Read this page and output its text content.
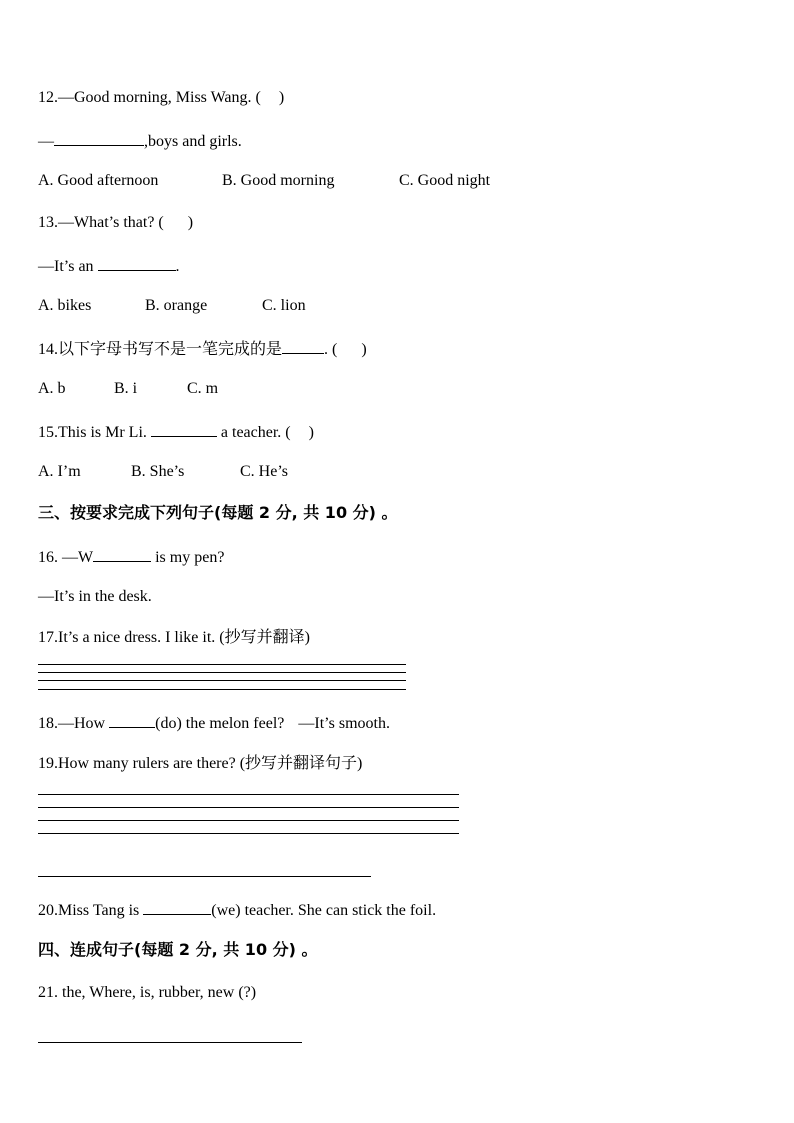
12.—Good morning, Miss Wang. ( )
—	,boys and girls.
A. Good afternoon	B. Good morning	C. Good night
13.—What’s that? ( )
—It’s an	.
A. bikes	B. orange	C. lion
14.以下字母书写不是一笔完成的是	. ( )
A. b	B. i	C. m
15.This is Mr Li.	a teacher. ( )
A. I’m	B. She’s	C. He’s
三、按要求完成下列句子(每题 2 分, 共 10 分) 。
16. —W	is my pen?
—It’s in the desk.
17.It’s a nice dress. I like it. (抄写并翻译)
18.—How	(do) the melon feel? —It’s smooth.
19.How many rulers are there? (抄写并翻译句子)
20.Miss Tang is	(we) teacher. She can stick the foil.
四、连成句子(每题 2 分, 共 10 分) 。
21. the, Where, is, rubber, new (?)
